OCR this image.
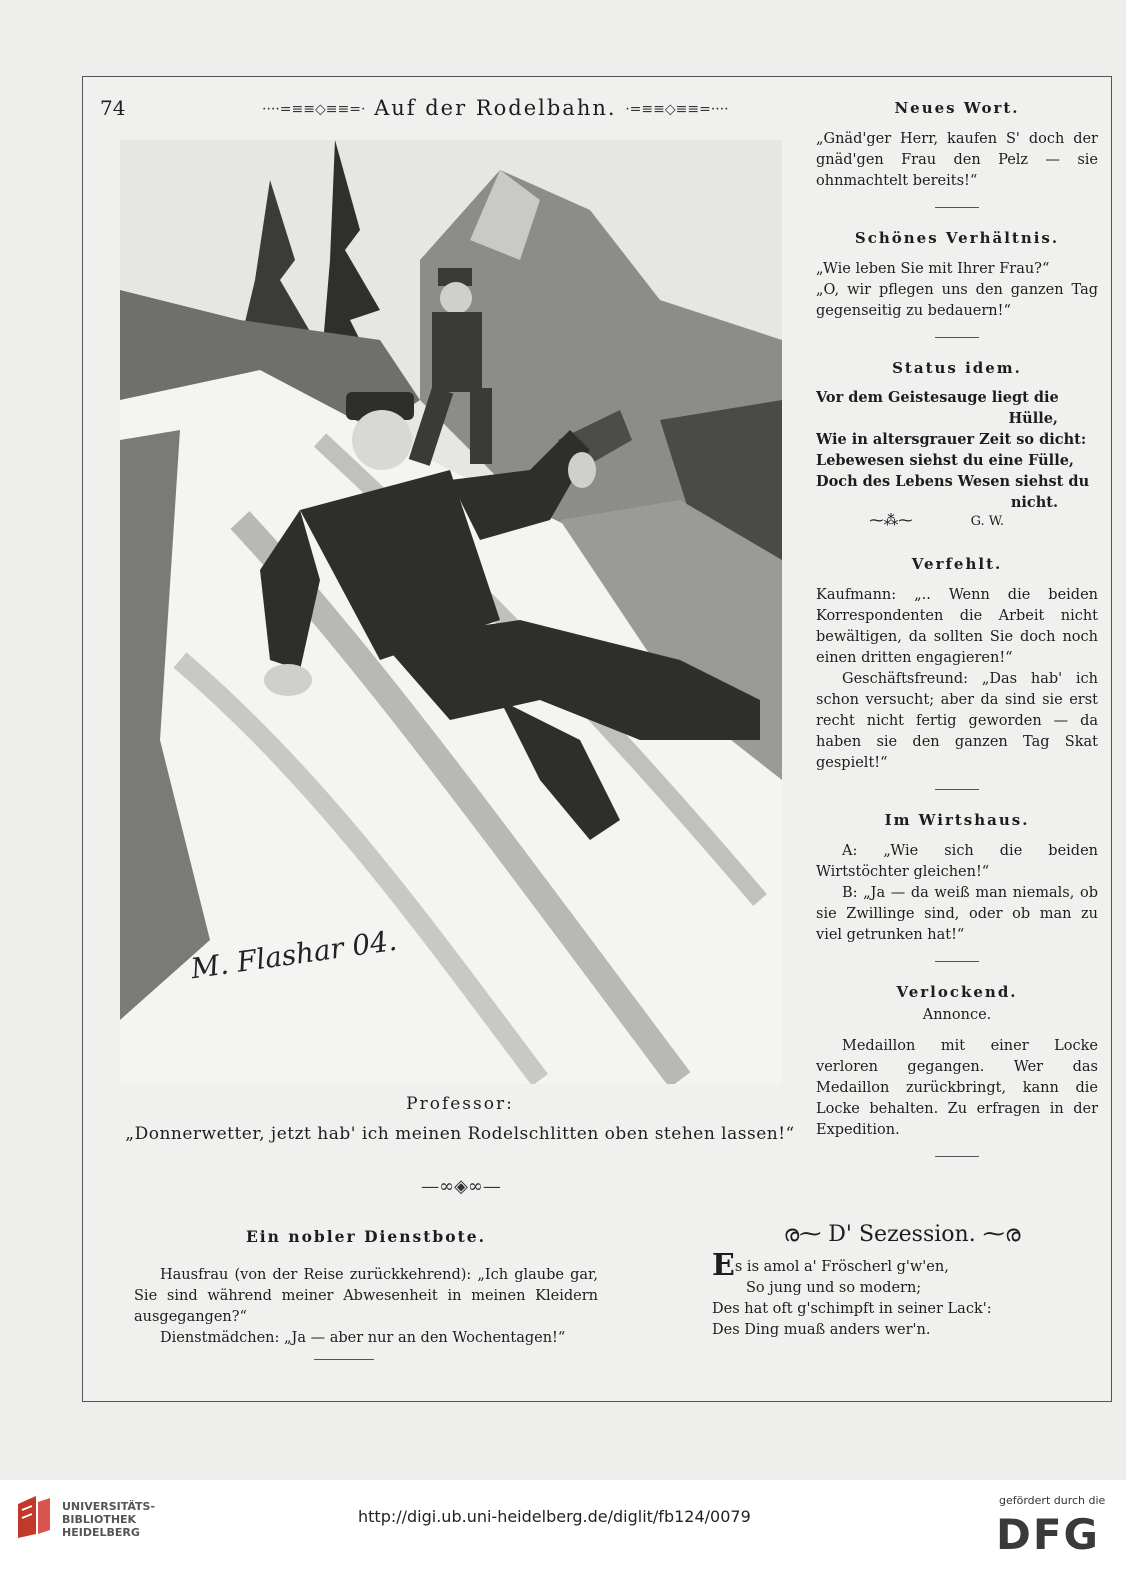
74	····=≡≡◇≡≡=· Auf der Rodelbahn. ·=≡≡◇≡≡=····
M. Flashar 04.
Professor:
„Donnerwetter, jetzt hab' ich meinen Rodelschlitten oben stehen lassen!“
—∞◈∞—

Neues Wort.

„Gnäd'ger Herr, kaufen S' doch der gnäd'gen Frau den Pelz — sie ohnmachtelt bereits!“

Schönes Verhältnis.

„Wie leben Sie mit Ihrer Frau?“

„O, wir pflegen uns den ganzen Tag gegenseitig zu bedauern!“

Status idem.

Vor dem Geistesauge liegt die

Hülle,

Wie in altersgrauer Zeit so dicht:

Lebewesen siehst du eine Fülle,

Doch des Lebens Wesen siehst du

nicht.

⁓⁂⁓	G. W.

Verfehlt.

Kaufmann: „.. Wenn die beiden Korrespondenten die Arbeit nicht bewältigen, da sollten Sie doch noch einen dritten engagieren!“

Geschäftsfreund: „Das hab' ich schon versucht; aber da sind sie erst recht nicht fertig geworden — da haben sie den ganzen Tag Skat gespielt!“

Im Wirtshaus.

A: „Wie sich die beiden Wirtstöchter gleichen!“

B: „Ja — da weiß man niemals, ob sie Zwillinge sind, oder ob man zu viel getrunken hat!“

Verlockend.

Annonce.

Medaillon mit einer Locke verloren gegangen. Wer das Medaillon zurückbringt, kann die Locke behalten. Zu erfragen in der Expedition.

Ein nobler Dienstbote.

Hausfrau (von der Reise zurückkehrend): „Ich glaube gar, Sie sind während meiner Abwesenheit in meinen Kleidern ausgegangen?“

Dienstmädchen: „Ja — aber nur an den Wochentagen!“

ര⁓ D' Sezession. ⁓ര

Es is amol a' Fröscherl g'w'en,

So jung und so modern;

Des hat oft g'schimpft in seiner Lack':

Des Ding muaß anders wer'n.

UNIVERSITÄTS-
BIBLIOTHEK
HEIDELBERG
http://digi.ub.uni-heidelberg.de/diglit/fb124/0079
gefördert durch die
DFG
